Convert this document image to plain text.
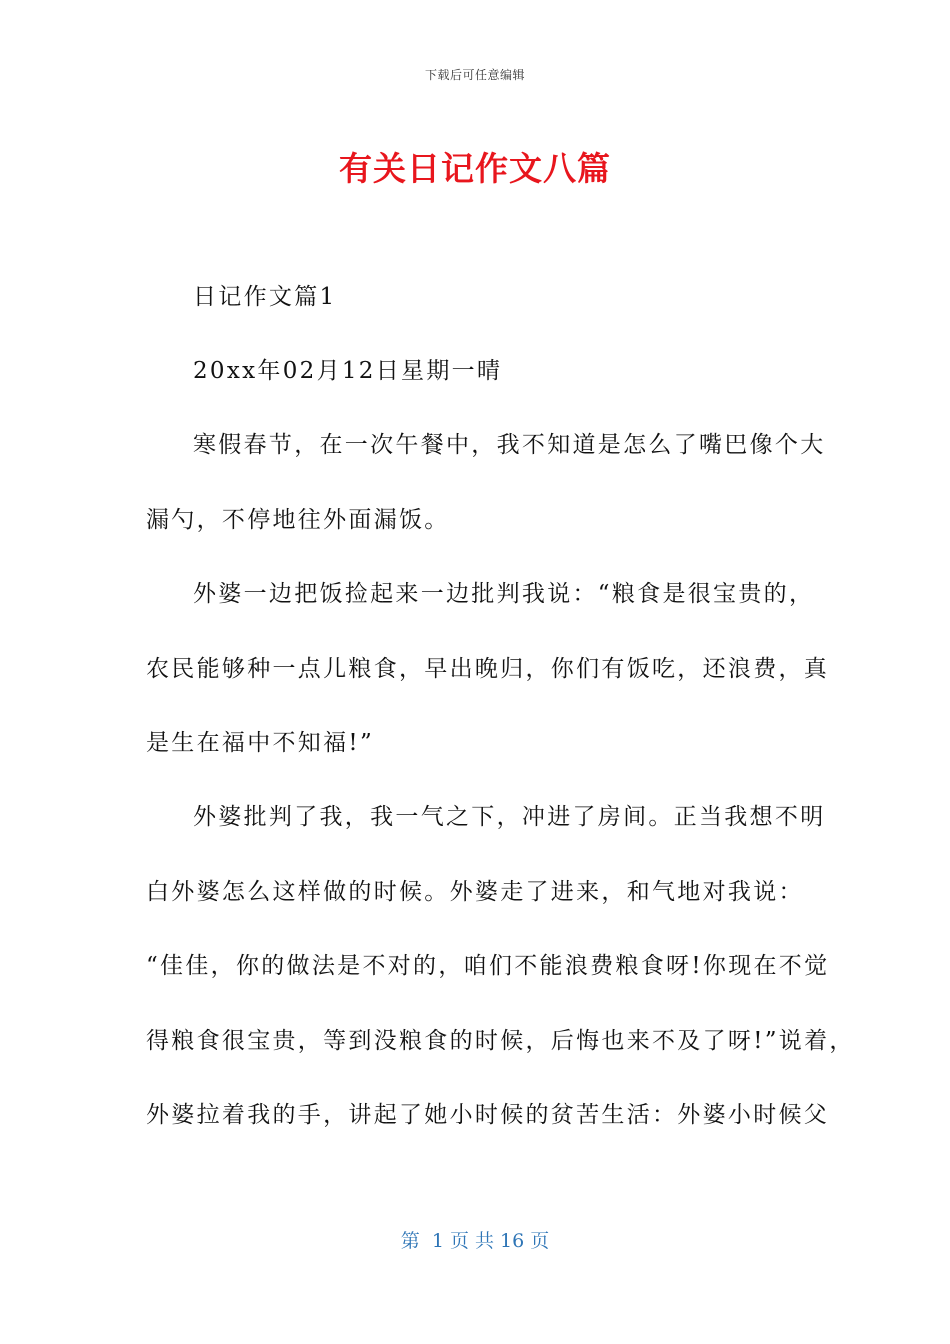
下载后可任意编辑
有关日记作文八篇
日记作文篇1
20xx年02月12日星期一晴
寒假春节，在一次午餐中，我不知道是怎么了嘴巴像个大
漏勺，不停地往外面漏饭。
外婆一边把饭捡起来一边批判我说：“粮食是很宝贵的，
农民能够种一点儿粮食，早出晚归，你们有饭吃，还浪费，真
是生在福中不知福!”
外婆批判了我，我一气之下，冲进了房间。正当我想不明
白外婆怎么这样做的时候。外婆走了进来，和气地对我说：
“佳佳，你的做法是不对的，咱们不能浪费粮食呀!你现在不觉
得粮食很宝贵，等到没粮食的时候，后悔也来不及了呀!”说着，
外婆拉着我的手，讲起了她小时候的贫苦生活：外婆小时候父
第  1 页 共 16 页
